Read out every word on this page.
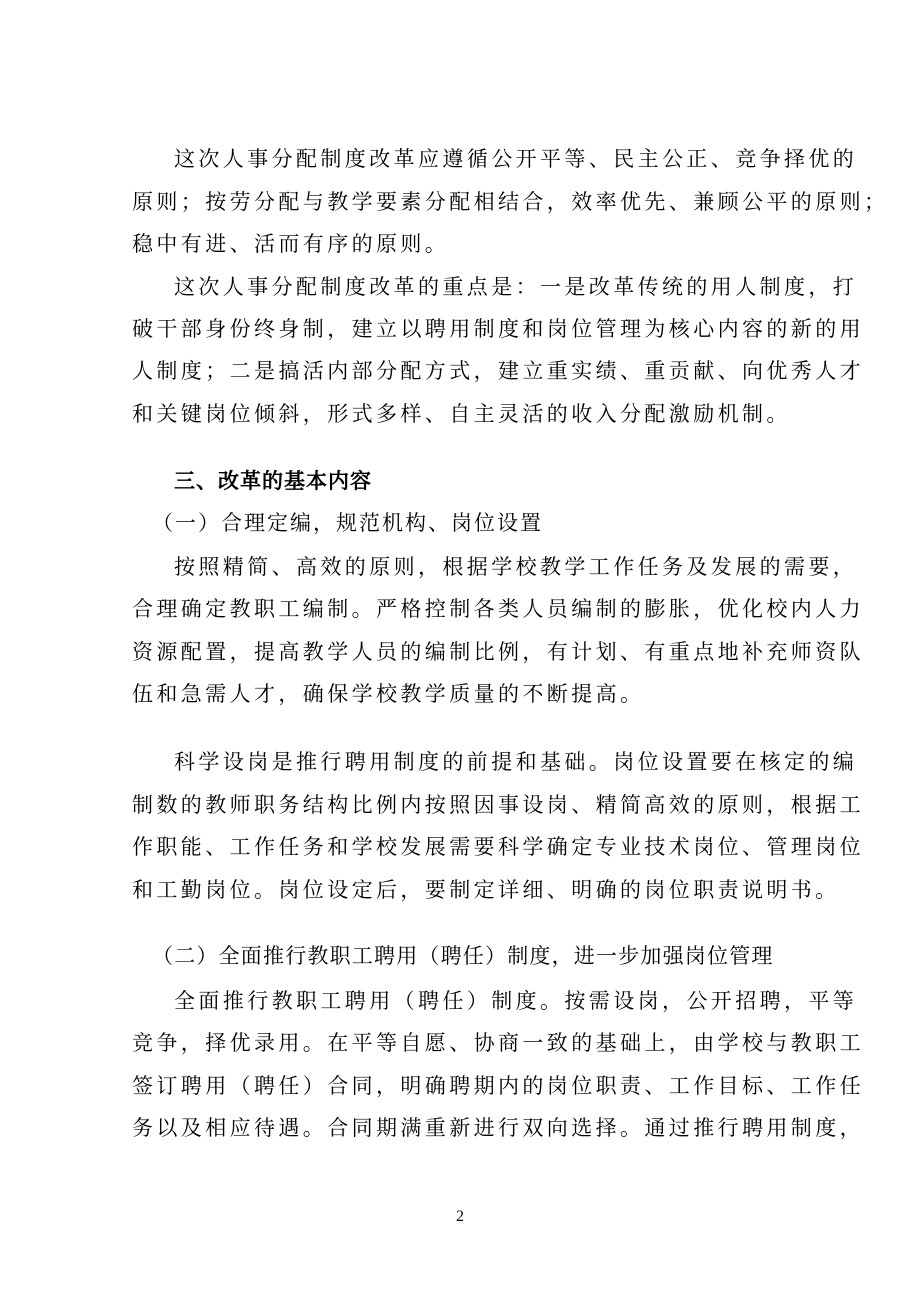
这次人事分配制度改革应遵循公开平等、民主公正、竞争择优的
原则；按劳分配与教学要素分配相结合，效率优先、兼顾公平的原则；
稳中有进、活而有序的原则。
这次人事分配制度改革的重点是：一是改革传统的用人制度，打
破干部身份终身制，建立以聘用制度和岗位管理为核心内容的新的用
人制度；二是搞活内部分配方式，建立重实绩、重贡献、向优秀人才
和关键岗位倾斜，形式多样、自主灵活的收入分配激励机制。
三、改革的基本内容
（一）合理定编，规范机构、岗位设置
按照精简、高效的原则，根据学校教学工作任务及发展的需要，
合理确定教职工编制。严格控制各类人员编制的膨胀，优化校内人力
资源配置，提高教学人员的编制比例，有计划、有重点地补充师资队
伍和急需人才，确保学校教学质量的不断提高。
科学设岗是推行聘用制度的前提和基础。岗位设置要在核定的编
制数的教师职务结构比例内按照因事设岗、精简高效的原则，根据工
作职能、工作任务和学校发展需要科学确定专业技术岗位、管理岗位
和工勤岗位。岗位设定后，要制定详细、明确的岗位职责说明书。
（二）全面推行教职工聘用（聘任）制度，进一步加强岗位管理
全面推行教职工聘用（聘任）制度。按需设岗，公开招聘，平等
竞争，择优录用。在平等自愿、协商一致的基础上，由学校与教职工
签订聘用（聘任）合同，明确聘期内的岗位职责、工作目标、工作任
务以及相应待遇。合同期满重新进行双向选择。通过推行聘用制度，
2
